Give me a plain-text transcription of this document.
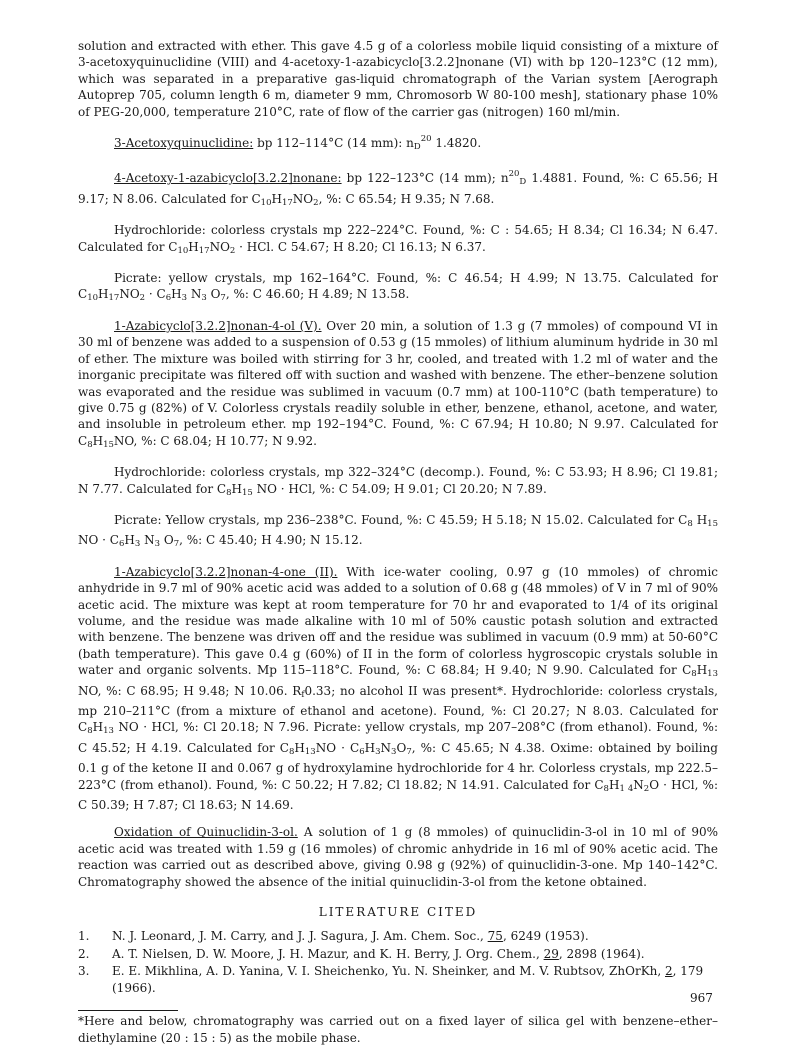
solution and extracted with ether. This gave 4.5 g of a colorless mobile liquid consisting of a mixture of 3-acetoxyquinuclidine (VIII) and 4-acetoxy-1-azabicyclo[3.2.2]nonane (VI) with bp 120–123°C (12 mm), which was separated in a preparative gas-liquid chromatograph of the Varian system [Aerograph Autoprep 705, column length 6 m, diameter 9 mm, Chromosorb W 80-100 mesh], stationary phase 10% of PEG-20,000, temperature 210°C, rate of flow of the carrier gas (nitrogen) 160 ml/min.

3-Acetoxyquinuclidine: bp 112–114°C (14 mm): $n_D^{20}$ 1.4820.

4-Acetoxy-1-azabicyclo[3.2.2]nonane: bp 122–123°C (14 mm); $n^{20}_D$ 1.4881. Found, %: C 65.56; H 9.17; N 8.06. Calculated for $C_{10}H_{17}NO_2$, %: C 65.54; H 9.35; N 7.68.

Hydrochloride: colorless crystals mp 222–224°C. Found, %: C : 54.65; H 8.34; Cl 16.34; N 6.47. Calculated for $C_{10}H_{17}NO_2$ · HCl. C 54.67; H 8.20; Cl 16.13; N 6.37.

Picrate: yellow crystals, mp 162–164°C. Found, %: C 46.54; H 4.99; N 13.75. Calculated for $C_{10}H_{17}NO_2 \cdot C_6H_3$ $N_3$ $O_7$, %: C 46.60; H 4.89; N 13.58.

1-Azabicyclo[3.2.2]nonan-4-ol (V). Over 20 min, a solution of 1.3 g (7 mmoles) of compound VI in 30 ml of benzene was added to a suspension of 0.53 g (15 mmoles) of lithium aluminum hydride in 30 ml of ether. The mixture was boiled with stirring for 3 hr, cooled, and treated with 1.2 ml of water and the inorganic precipitate was filtered off with suction and washed with benzene. The ether–benzene solution was evaporated and the residue was sublimed in vacuum (0.7 mm) at 100-110°C (bath temperature) to give 0.75 g (82%) of V. Colorless crystals readily soluble in ether, benzene, ethanol, acetone, and water, and insoluble in petroleum ether. mp 192–194°C. Found, %: C 67.94; H 10.80; N 9.97. Calculated for $C_8H_{15}NO$, %: C 68.04; H 10.77; N 9.92.

Hydrochloride: colorless crystals, mp 322–324°C (decomp.). Found, %: C 53.93; H 8.96; Cl 19.81; N 7.77. Calculated for $C_8H_{15}$ NO · HCl, %: C 54.09; H 9.01; Cl 20.20; N 7.89.

Picrate: Yellow crystals, mp 236–238°C. Found, %: C 45.59; H 5.18; N 15.02. Calculated for $C_8$ $H_{15}$ NO · $C_6H_3$ $N_3$ $O_7$, %: C 45.40; H 4.90; N 15.12.

1-Azabicyclo[3.2.2]nonan-4-one (II). With ice-water cooling, 0.97 g (10 mmoles) of chromic anhydride in 9.7 ml of 90% acetic acid was added to a solution of 0.68 g (48 mmoles) of V in 7 ml of 90% acetic acid. The mixture was kept at room temperature for 70 hr and evaporated to 1/4 of its original volume, and the residue was made alkaline with 10 ml of 50% caustic potash solution and extracted with benzene. The benzene was driven off and the residue was sublimed in vacuum (0.9 mm) at 50-60°C (bath temperature). This gave 0.4 g (60%) of II in the form of colorless hygroscopic crystals soluble in water and organic solvents. Mp 115–118°C. Found, %: C 68.84; H 9.40; N 9.90. Calculated for $C_8H_{13}$ NO, %: C 68.95; H 9.48; N 10.06. $R_f0.33$; no alcohol II was present*. Hydrochloride: colorless crystals, mp 210–211°C (from a mixture of ethanol and acetone). Found, %: Cl 20.27; N 8.03. Calculated for $C_8H_{13}$ NO · HCl, %: Cl 20.18; N 7.96. Picrate: yellow crystals, mp 207–208°C (from ethanol). Found, %: C 45.52; H 4.19. Calculated for $C_8H_{13}NO \cdot C_6H_3N_3O_7$, %: C 45.65; N 4.38. Oxime: obtained by boiling 0.1 g of the ketone II and 0.067 g of hydroxylamine hydrochloride for 4 hr. Colorless crystals, mp 222.5–223°C (from ethanol). Found, %: C 50.22; H 7.82; Cl 18.82; N 14.91. Calculated for $C_8H_{1 4}N_2O$ · HCl, %: C 50.39; H 7.87; Cl 18.63; N 14.69.

Oxidation of Quinuclidin-3-ol. A solution of 1 g (8 mmoles) of quinuclidin-3-ol in 10 ml of 90% acetic acid was treated with 1.59 g (16 mmoles) of chromic anhydride in 16 ml of 90% acetic acid. The reaction was carried out as described above, giving 0.98 g (92%) of quinuclidin-3-one. Mp 140–142°C. Chromatography showed the absence of the initial quinuclidin-3-ol from the ketone obtained.

LITERATURE CITED
1.	N. J. Leonard, J. M. Carry, and J. J. Sagura, J. Am. Chem. Soc., 75, 6249 (1953).
2.	A. T. Nielsen, D. W. Moore, J. H. Mazur, and K. H. Berry, J. Org. Chem., 29, 2898 (1964).
3.	E. E. Mikhlina, A. D. Yanina, V. I. Sheichenko, Yu. N. Sheinker, and M. V. Rubtsov, ZhOrKh, 2, 179 (1966).

*Here and below, chromatography was carried out on a fixed layer of silica gel with benzene–ether–diethylamine (20 : 15 : 5) as the mobile phase.

967
